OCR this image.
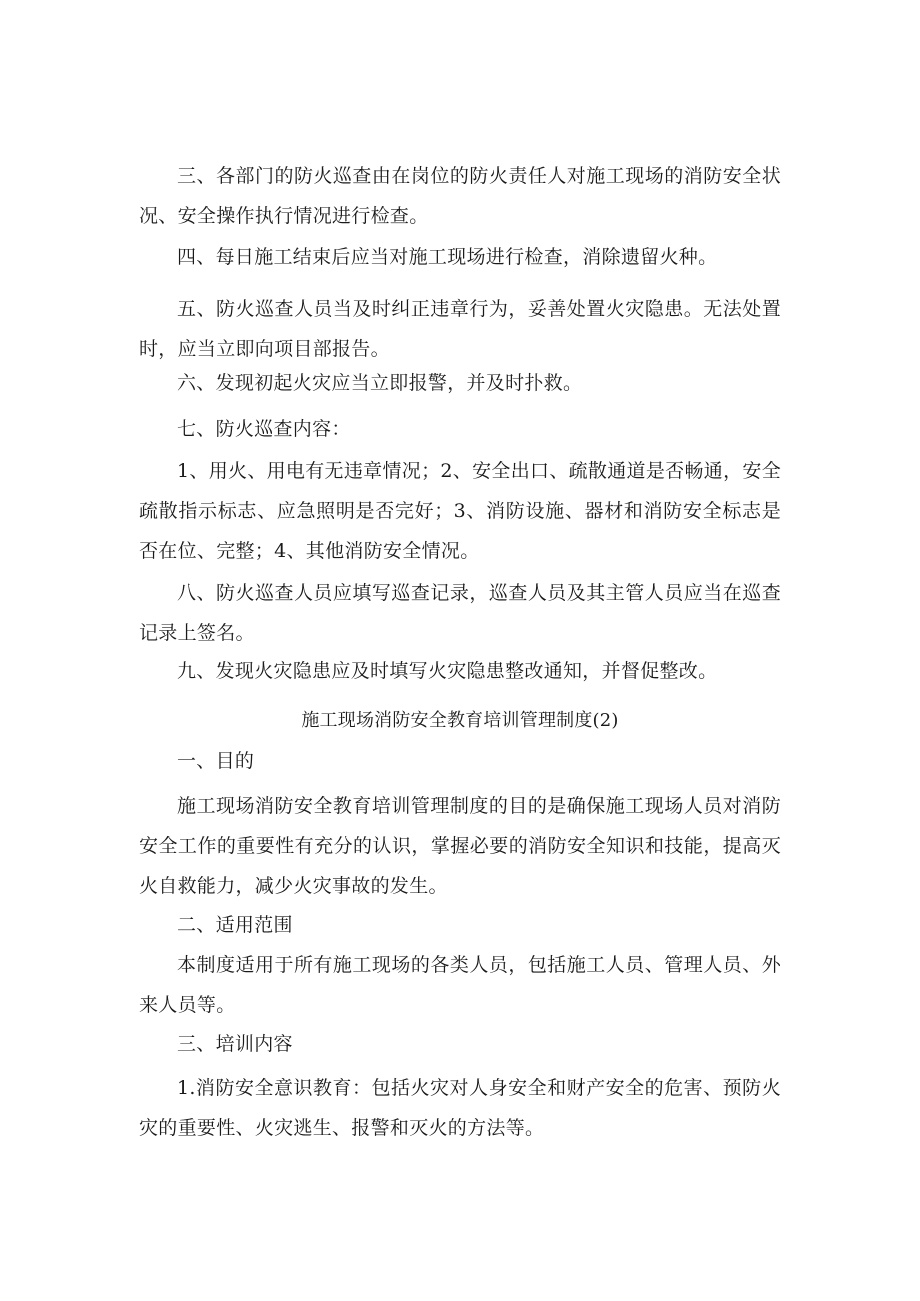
三、各部门的防火巡查由在岗位的防火责任人对施工现场的消防安全状况、安全操作执行情况进行检查。

四、每日施工结束后应当对施工现场进行检查，消除遗留火种。

五、防火巡查人员当及时纠正违章行为，妥善处置火灾隐患。无法处置时，应当立即向项目部报告。

六、发现初起火灾应当立即报警，并及时扑救。

七、防火巡查内容：

1、用火、用电有无违章情况；2、安全出口、疏散通道是否畅通，安全疏散指示标志、应急照明是否完好；3、消防设施、器材和消防安全标志是否在位、完整；4、其他消防安全情况。

八、防火巡查人员应填写巡查记录，巡查人员及其主管人员应当在巡查记录上签名。

九、发现火灾隐患应及时填写火灾隐患整改通知，并督促整改。

施工现场消防安全教育培训管理制度(2)

一、目的

施工现场消防安全教育培训管理制度的目的是确保施工现场人员对消防安全工作的重要性有充分的认识，掌握必要的消防安全知识和技能，提高灭火自救能力，减少火灾事故的发生。

二、适用范围

本制度适用于所有施工现场的各类人员，包括施工人员、管理人员、外来人员等。

三、培训内容

1.消防安全意识教育：包括火灾对人身安全和财产安全的危害、预防火灾的重要性、火灾逃生、报警和灭火的方法等。
